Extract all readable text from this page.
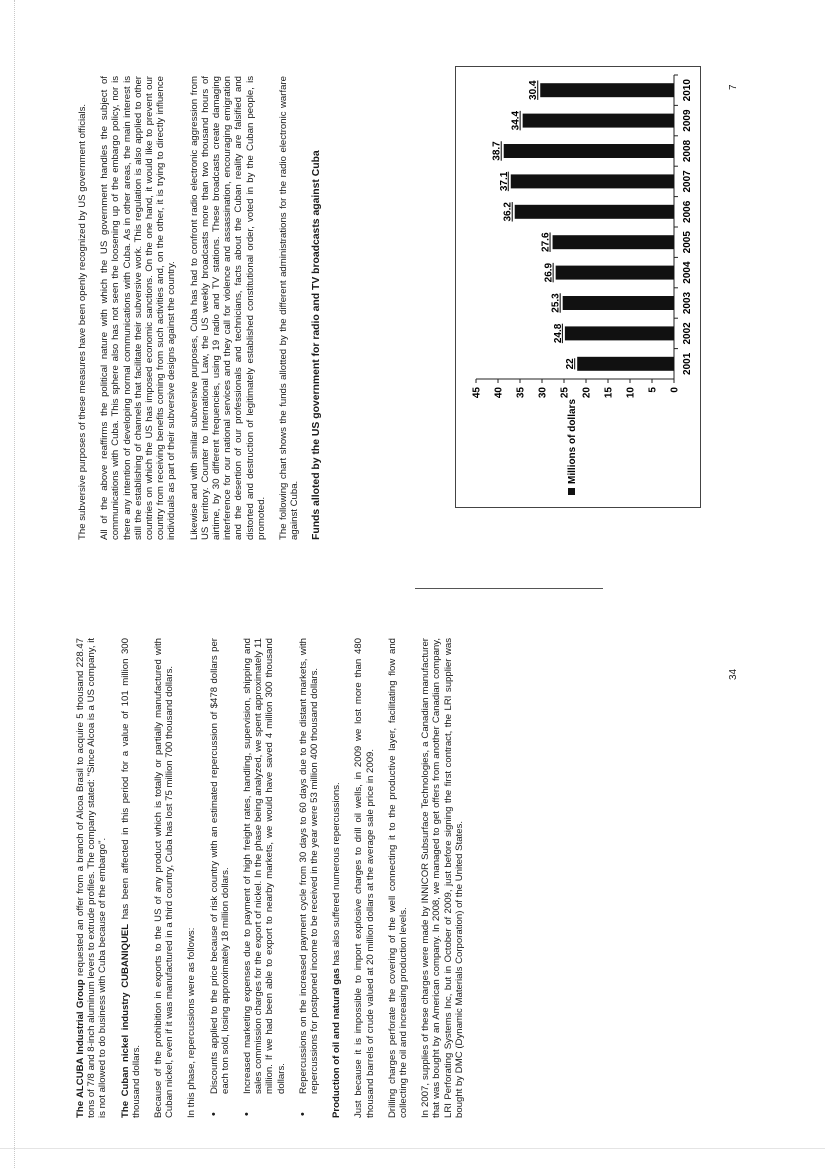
The ALCUBA Industrial Group requested an offer from a branch of Alcoa Brasil to acquire 5 thousand 228.47 tons of 7/8 and 8-inch aluminum levers to extrude profiles. The company stated: "Since Alcoa is a US company, it is not allowed to do business with Cuba because of the embargo". The Cuban nickel industry CUBANIQUEL has been affected in this period for a value of 101 million 300 thousand dollars. Because of the prohibition in exports to the US of any product which is totally or partially manufactured with Cuban nickel, even if it was manufactured in a third country, Cuba has lost 75 million 700 thousand dollars. In this phase, repercussions were as follows: • Discounts applied to the price because of risk country with an estimated repercussion of $478 dollars per each ton sold, losing approximately 18 million dollars. • Increased marketing expenses due to payment of high freight rates, handling, supervision, shipping and sales commission charges for the export of nickel. In the phase being analyzed, we spent approximately 11 million. If we had been able to export to nearby markets, we would have saved 4 million 300 thousand dollars. • Repercussions on the increased payment cycle from 30 days to 60 days due to the distant markets, with repercussions for postponed income to be received in the year were 53 million 400 thousand dollars. Production of oil and natural gas has also suffered numerous repercussions. Just because it is impossible to import explosive charges to drill oil wells, in 2009 we lost more than 480 thousand barrels of crude valued at 20 million dollars at the average sale price in 2009. Drilling charges perforate the covering of the well connecting it to the productive layer, facilitating flow and collecting the oil and increasing production levels. In 2007, supplies of these charges were made by INNICOR Subsurface Technologies, a Canadian manufacturer that was bought by an American company. In 2008, we managed to get offers from another Canadian company, LRI Perforating Systems Inc, but in October of 2009, just before signing the first contract, the LRI supplier was bought by DMC (Dynamic Materials Corporation) of the United States.

34

The subversive purposes of these measures have been openly recognized by US government officials. All of the above reaffirms the political nature with which the US government handles the subject of communications with Cuba. This sphere also has not seen the loosening up of the embargo policy, nor is there any intention of developing normal communications with Cuba. As in other areas, the main interest is still the establishing of channels that facilitate their subversive work. This regulation is also applied to other countries on which the US has imposed economic sanctions. On the one hand, it would like to prevent our country from receiving benefits coming from such activities and, on the other, it is trying to directly influence individuals as part of their subversive designs against the country. Likewise and with similar subversive purposes, Cuba has had to confront radio electronic aggression from US territory. Counter to International Law, the US weekly broadcasts more than two thousand hours of airtime, by 30 different frequencies, using 19 radio and TV stations. These broadcasts create damaging interference for our national services and they call for violence and assassination, encouraging emigration and the desertion of our professionals and technicians, facts about the Cuban reality are falsified and distorted and destruction of legitimately established constitutional order, voted in by the Cuban people, is promoted. The following chart shows the funds allotted by the different administrations for the radio electronic warfare against Cuba. Funds alloted by the US government for radio and TV broadcasts against Cuba

7
Millions of dollars
0
5
10
15
20
25
30
35
40
45
22
24.8
25.3
26.9
27.6
36.2
37.1
38.7
34.4
30.4
2001
2002
2003
2004
2005
2006
2007
2008
2009
2010
